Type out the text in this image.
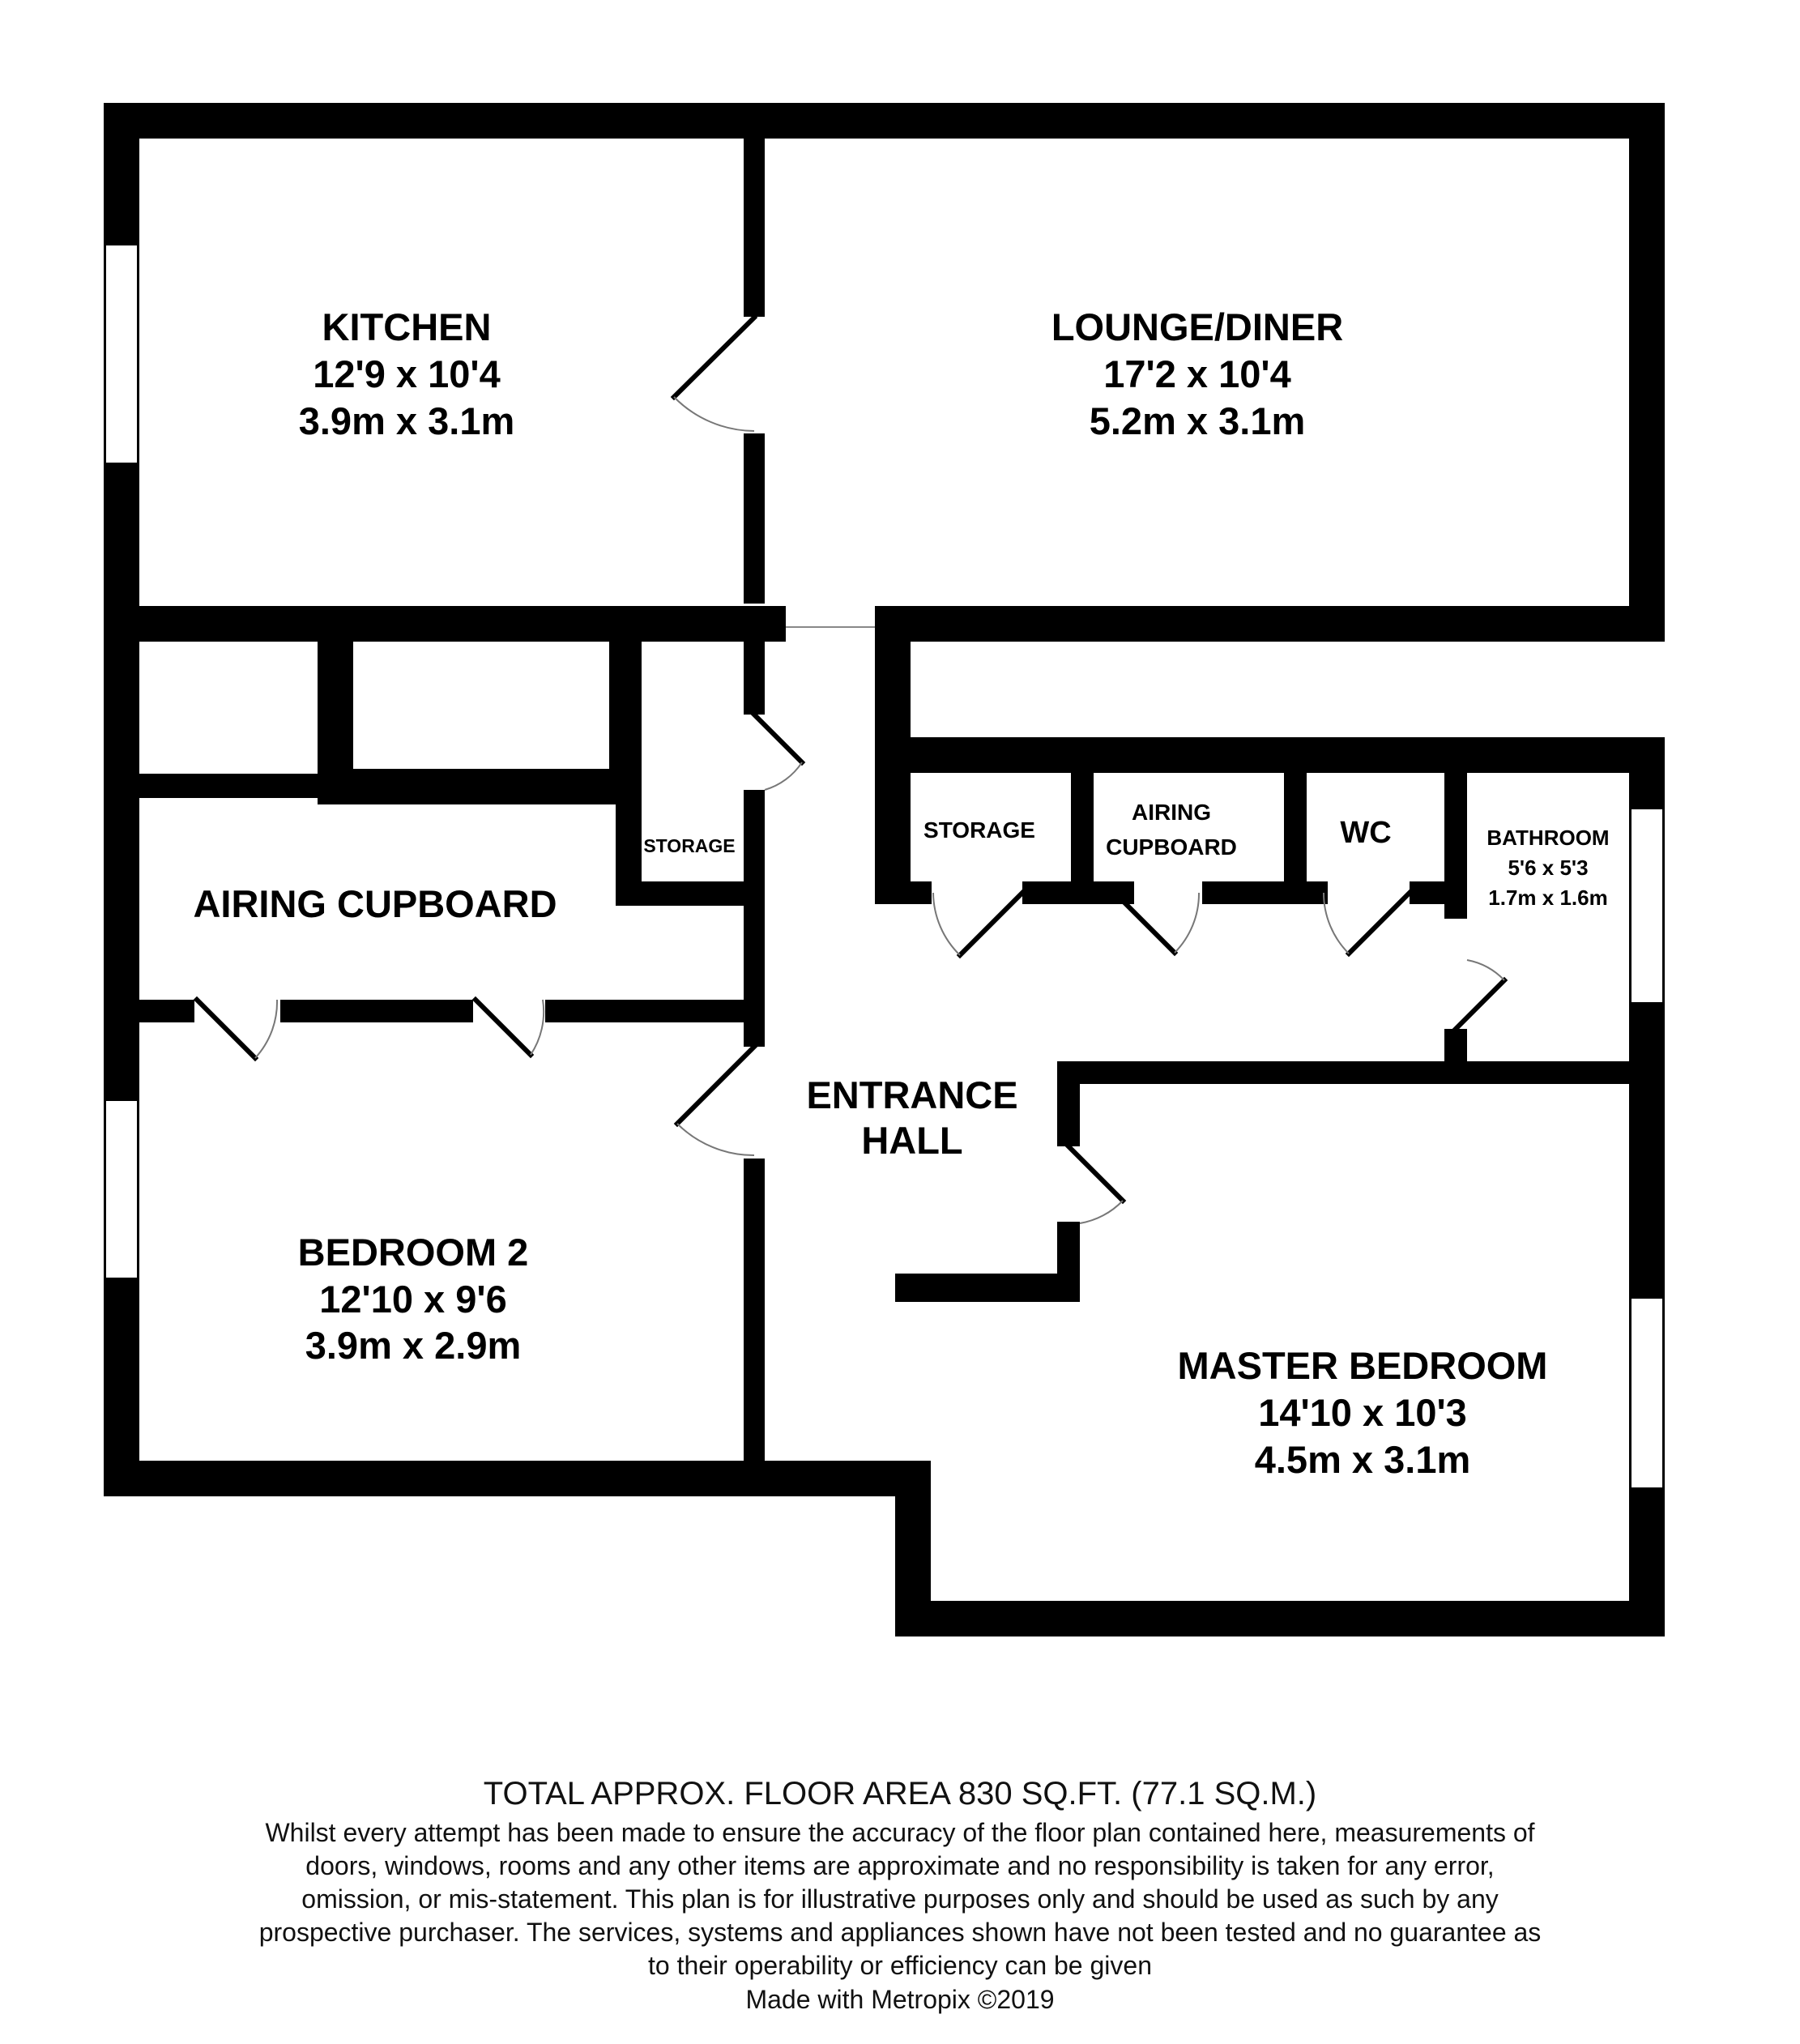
KITCHEN
12'9 x 10'4
3.9m x 3.1m
LOUNGE/DINER
17'2 x 10'4
5.2m x 3.1m
STORAGE
AIRING CUPBOARD
STORAGE
AIRING
CUPBOARD	WC	BATHROOM
5'6 x 5'3
1.7m x 1.6m
ENTRANCE
HALL
BEDROOM 2
12'10 x 9'6
3.9m x 2.9m	MASTER BEDROOM
14'10 x 10'3
4.5m x 3.1m
TOTAL APPROX. FLOOR AREA 830 SQ.FT. (77.1 SQ.M.)
Whilst every attempt has been made to ensure the accuracy of the floor plan contained here, measurements of doors, windows, rooms and any other items are approximate and no responsibility is taken for any error, omission, or mis-statement. This plan is for illustrative purposes only and should be used as such by any prospective purchaser. The services, systems and appliances shown have not been tested and no guarantee as to their operability or efficiency can be given
Made with Metropix ©2019
